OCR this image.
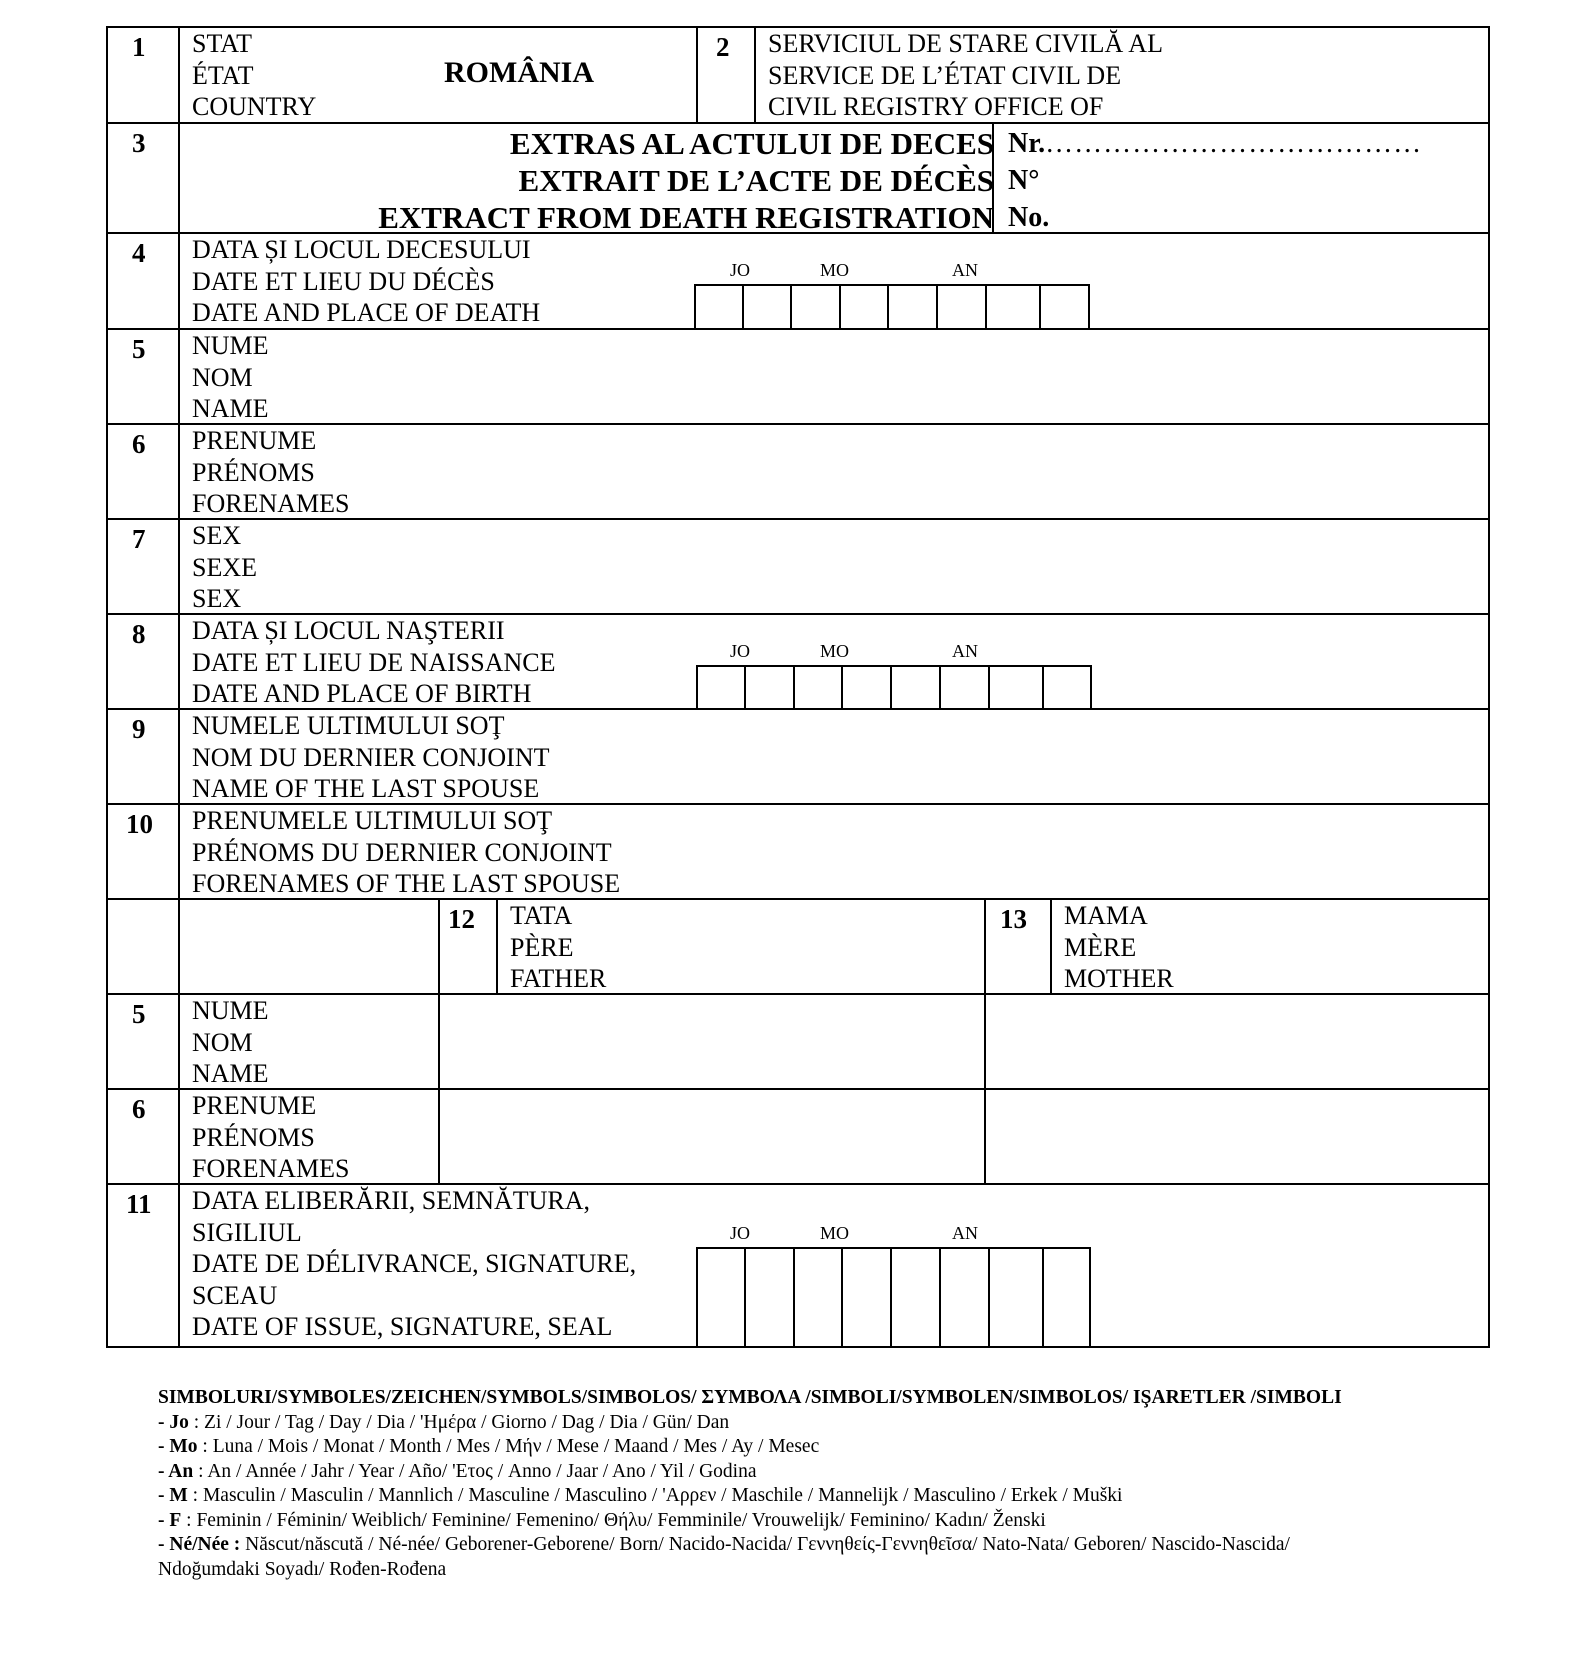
1 STAT
ÉTAT
COUNTRY
ROMÂNIA
2 SERVICIUL DE STARE CIVILĂ AL
SERVICE DE L’ÉTAT CIVIL DE
CIVIL REGISTRY OFFICE OF
3	EXTRAS AL ACTULUI DE DECES
EXTRAIT DE L’ACTE DE DÉCÈS
EXTRACT FROM DEATH REGISTRATION
Nr.…………………………………
N°
No.
4 DATA ȘI LOCUL DECESULUI
DATE ET LIEU DU DÉCÈS
DATE AND PLACE OF DEATH
JO	MO	AN
5 NUME
NOM
NAME
6 PRENUME
PRÉNOMS
FORENAMES
7 SEX
SEXE
SEX
8 DATA ȘI LOCUL NAŞTERII
DATE ET LIEU DE NAISSANCE
DATE AND PLACE OF BIRTH
JO	MO	AN
9 NUMELE ULTIMULUI SOŢ
NOM DU DERNIER CONJOINT
NAME OF THE LAST SPOUSE
10 PRENUMELE ULTIMULUI SOŢ
PRÉNOMS DU DERNIER CONJOINT
FORENAMES OF THE LAST SPOUSE
12 TATA
PÈRE
FATHER
13 MAMA
MÈRE
MOTHER
5 NUME
NOM
NAME
6 PRENUME
PRÉNOMS
FORENAMES
11 DATA ELIBERĂRII, SEMNĂTURA,
SIGILIUL
DATE DE DÉLIVRANCE, SIGNATURE,
SCEAU
DATE OF ISSUE, SIGNATURE, SEAL
JO	MO	AN
SIMBOLURI/SYMBOLES/ZEICHEN/SYMBOLS/SIMBOLOS/ ΣΥΜΒΟΛΑ /SIMBOLI/SYMBOLEN/SIMBOLOS/ IŞARETLER /SIMBOLI
- Jo : Zi / Jour / Tag / Day / Dia / 'Ημέρα / Giorno / Dag / Dia / Gün/ Dan
- Mo : Luna / Mois / Monat / Month / Mes / Μήν / Mese / Maand / Mes / Ay / Mesec
- An : An / Année / Jahr / Year / Año/ 'Ετος / Anno / Jaar / Ano / Yil / Godina
- M : Masculin / Masculin / Mannlich / Masculine / Masculino / 'Αρρεν / Maschile / Mannelijk / Masculino / Erkek / Muški
- F : Feminin / Féminin/ Weiblich/ Feminine/ Femenino/ Θήλυ/ Femminile/ Vrouwelijk/ Feminino/ Kadın/ Ženski
- Né/Née : Născut/născută / Né-née/ Geborener-Geborene/ Born/ Nacido-Nacida/ Γεννηθείς-Γεννηθεῖσα/ Nato-Nata/ Geboren/ Nascido-Nascida/
Ndoğumdaki Soyadı/ Rođen-Rođena
